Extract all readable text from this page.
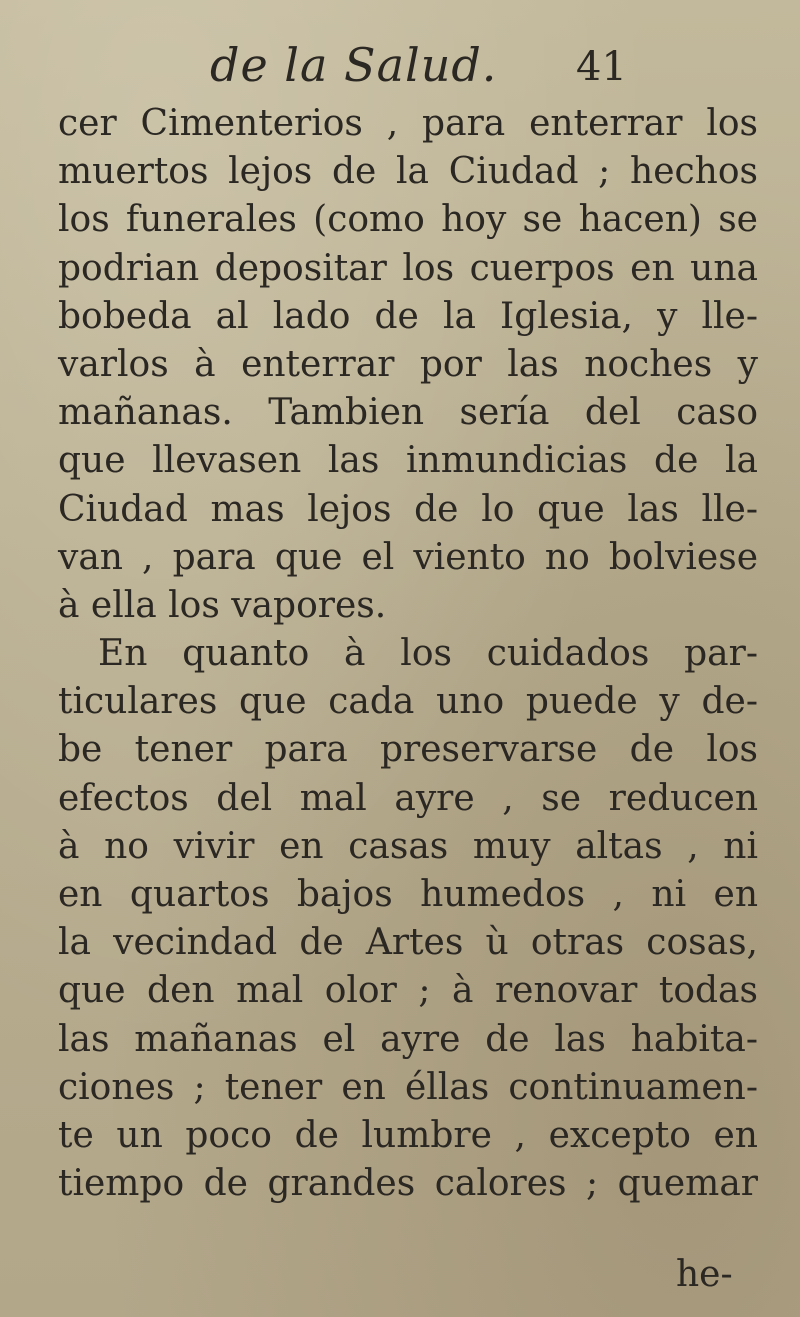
de la Salud. 41
cer Cimenterios , para enterrar los
muertos lejos de la Ciudad ; hechos
los funerales (como hoy se hacen) se
podrian depositar los cuerpos en una
bobeda al lado de la Iglesia, y lle-
varlos à enterrar por las noches y
mañanas. Tambien sería del caso
que llevasen las inmundicias de la
Ciudad mas lejos de lo que las lle-
van , para que el viento no bolviese
à ella los vapores.
En quanto à los cuidados par-
ticulares que cada uno puede y de-
be tener para preservarse de los
efectos del mal ayre , se reducen
à no vivir en casas muy altas , ni
en quartos bajos humedos , ni en
la vecindad de Artes ù otras cosas,
que den mal olor ; à renovar todas
las mañanas el ayre de las habita-
ciones ; tener en éllas continuamen-
te un poco de lumbre , excepto en
tiempo de grandes calores ; quemar
he-
